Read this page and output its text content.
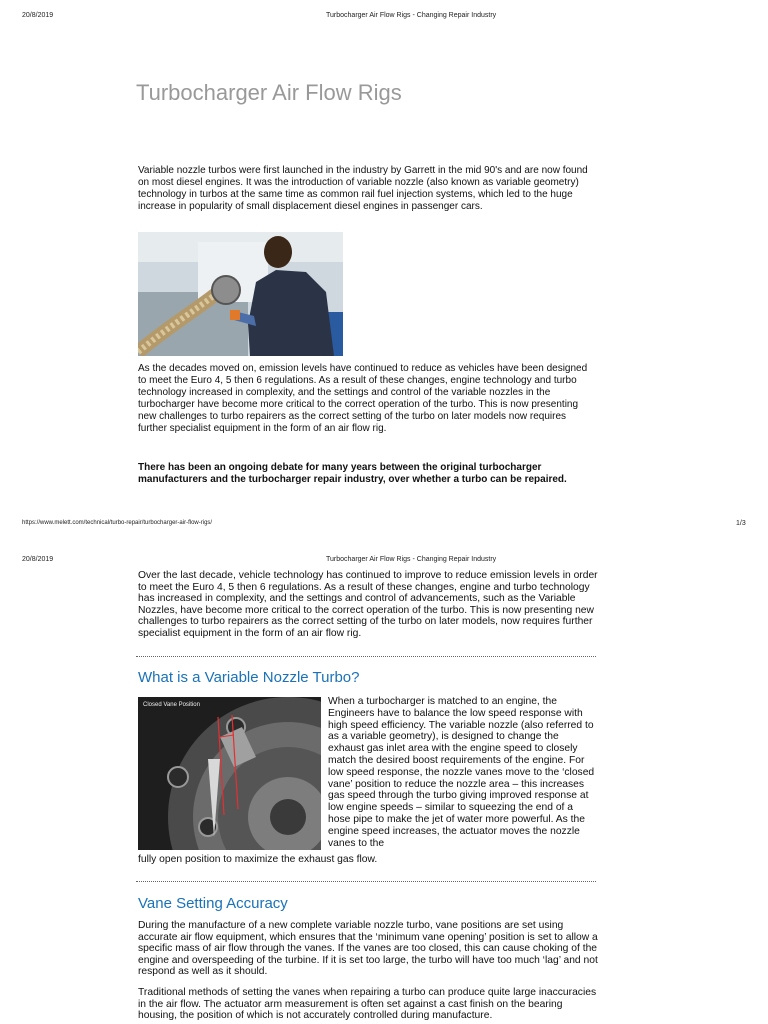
20/8/2019	Turbocharger Air Flow Rigs - Changing Repair Industry
Turbocharger Air Flow Rigs

Variable nozzle turbos were first launched in the industry by Garrett in the mid 90's and are now found on most diesel engines. It was the introduction of variable nozzle (also known as variable geometry) technology in turbos at the same time as common rail fuel injection systems, which led to the huge increase in popularity of small displacement diesel engines in passenger cars.

As the decades moved on, emission levels have continued to reduce as vehicles have been designed to meet the Euro 4, 5 then 6 regulations. As a result of these changes, engine technology and turbo technology increased in complexity, and the settings and control of the variable nozzles in the turbocharger have become more critical to the correct operation of the turbo. This is now presenting new challenges to turbo repairers as the correct setting of the turbo on later models now requires further specialist equipment in the form of an air flow rig.

There has been an ongoing debate for many years between the original turbocharger manufacturers and the turbocharger repair industry, over whether a turbo can be repaired.

https://www.melett.com/technical/turbo-repair/turbocharger-air-flow-rigs/	1/3
20/8/2019	Turbocharger Air Flow Rigs - Changing Repair Industry

Over the last decade, vehicle technology has continued to improve to reduce emission levels in order to meet the Euro 4, 5 then 6 regulations. As a result of these changes, engine and turbo technology has increased in complexity, and the settings and control of advancements, such as the Variable Nozzles, have become more critical to the correct operation of the turbo. This is now presenting new challenges to turbo repairers as the correct setting of the turbo on later models, now requires further specialist equipment in the form of an air flow rig.

What is a Variable Nozzle Turbo?
Closed Vane Position	When a turbocharger is matched to an engine, the Engineers have to balance the low speed response with high speed efficiency. The variable nozzle (also referred to as a variable geometry), is designed to change the exhaust gas inlet area with the engine speed to closely match the desired boost requirements of the engine. For low speed response, the nozzle vanes move to the ‘closed vane’ position to reduce the nozzle area – this increases gas speed through the turbo giving improved response at low engine speeds – similar to squeezing the end of a hose pipe to make the jet of water more powerful. As the engine speed increases, the actuator moves the nozzle vanes to the

fully open position to maximize the exhaust gas flow.

Vane Setting Accuracy

During the manufacture of a new complete variable nozzle turbo, vane positions are set using accurate air flow equipment, which ensures that the ‘minimum vane opening’ position is set to allow a specific mass of air flow through the vanes. If the vanes are too closed, this can cause choking of the engine and overspeeding of the turbine. If it is set too large, the turbo will have too much ‘lag’ and not respond as well as it should.

Traditional methods of setting the vanes when repairing a turbo can produce quite large inaccuracies in the air flow. The actuator arm measurement is often set against a cast finish on the bearing housing, the position of which is not accurately controlled during manufacture.
